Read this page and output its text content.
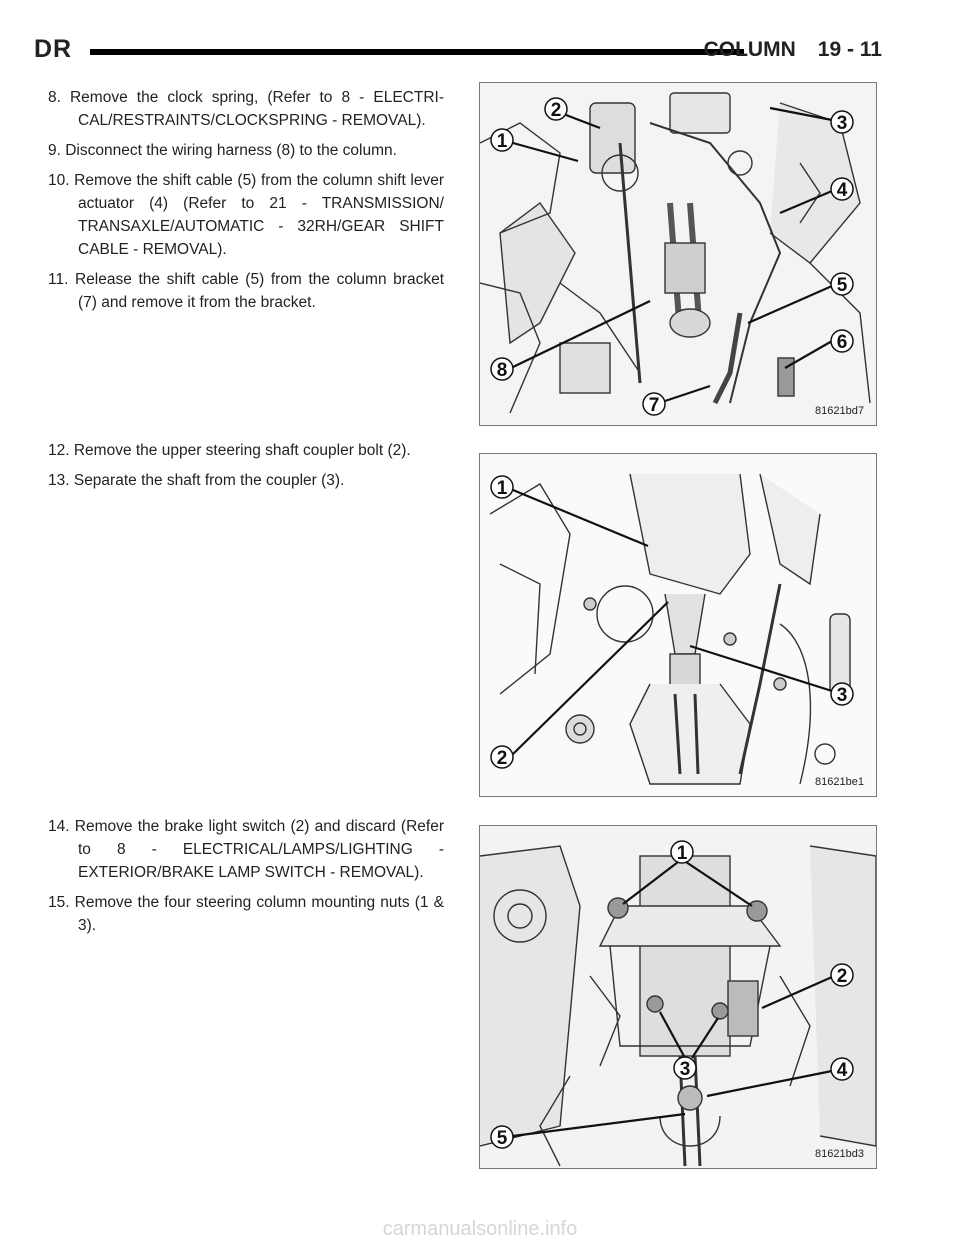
DR	COLUMN 19 - 11

8. Remove the clock spring, (Refer to 8 - ELECTRI-CAL/RESTRAINTS/CLOCKSPRING - REMOVAL).

9. Disconnect the wiring harness (8) to the column.

10. Remove the shift cable (5) from the column shift lever actuator (4) (Refer to 21 - TRANSMISSION/ TRANSAXLE/AUTOMATIC - 32RH/GEAR SHIFT CABLE - REMOVAL).

11. Release the shift cable (5) from the column bracket (7) and remove it from the bracket.

2
3
1
4
5
6
8
7	81621bd7

12. Remove the upper steering shaft coupler bolt (2).

13. Separate the shaft from the coupler (3).	1
3
2
81621be1

14. Remove the brake light switch (2) and discard (Refer to 8 - ELECTRICAL/LAMPS/LIGHTING - EXTERIOR/BRAKE LAMP SWITCH - REMOVAL).

15. Remove the four steering column mounting nuts (1 & 3).

1
2
3	4
5
81621bd3
carmanualsonline.info
